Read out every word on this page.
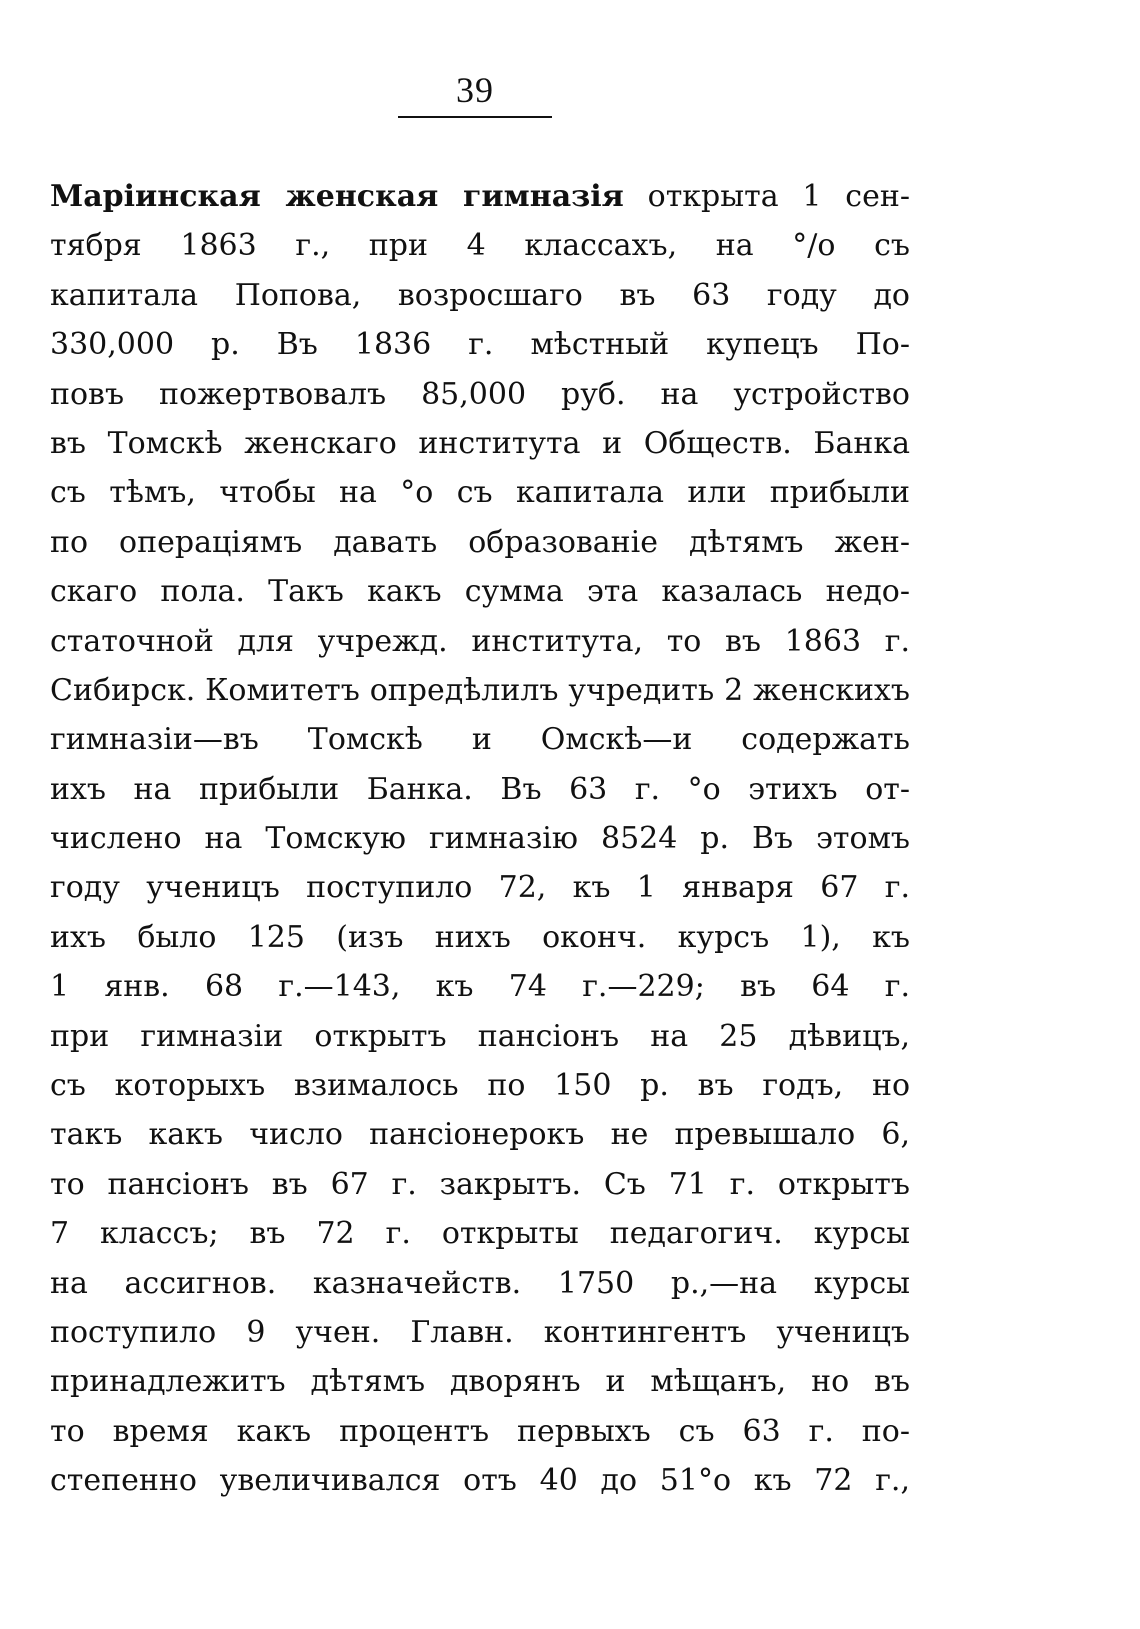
39
Маріинская женская гимназія открыта 1 сен-
тября 1863 г., при 4 классахъ, на °/о съ
капитала Попова, возросшаго въ 63 году до
330,000 р. Въ 1836 г. мѣстный купецъ По-
повъ пожертвовалъ 85,000 руб. на устройство
въ Томскѣ женскаго института и Обществ. Банка
съ тѣмъ, чтобы на °о съ капитала или прибыли
по операціямъ давать образованіе дѣтямъ жен-
скаго пола. Такъ какъ сумма эта казалась недо-
статочной для учрежд. института, то въ 1863 г.
Сибирск. Комитетъ опредѣлилъ учредить 2 женскихъ
гимназіи—въ Томскѣ и Омскѣ—и содержать
ихъ на прибыли Банка. Въ 63 г. °о этихъ от-
числено на Томскую гимназію 8524 р. Въ этомъ
году ученицъ поступило 72, къ 1 января 67 г.
ихъ было 125 (изъ нихъ оконч. курсъ 1), къ
1 янв. 68 г.—143, къ 74 г.—229; въ 64 г.
при гимназіи открытъ пансіонъ на 25 дѣвицъ,
съ которыхъ взималось по 150 р. въ годъ, но
такъ какъ число пансіонерокъ не превышало 6,
то пансіонъ въ 67 г. закрытъ. Съ 71 г. открытъ
7 классъ; въ 72 г. открыты педагогич. курсы
на ассигнов. казначейств. 1750 р.,—на курсы
поступило 9 учен. Главн. контингентъ ученицъ
принадлежитъ дѣтямъ дворянъ и мѣщанъ, но въ
то время какъ процентъ первыхъ съ 63 г. по-
степенно увеличивался отъ 40 до 51°о къ 72 г.,
